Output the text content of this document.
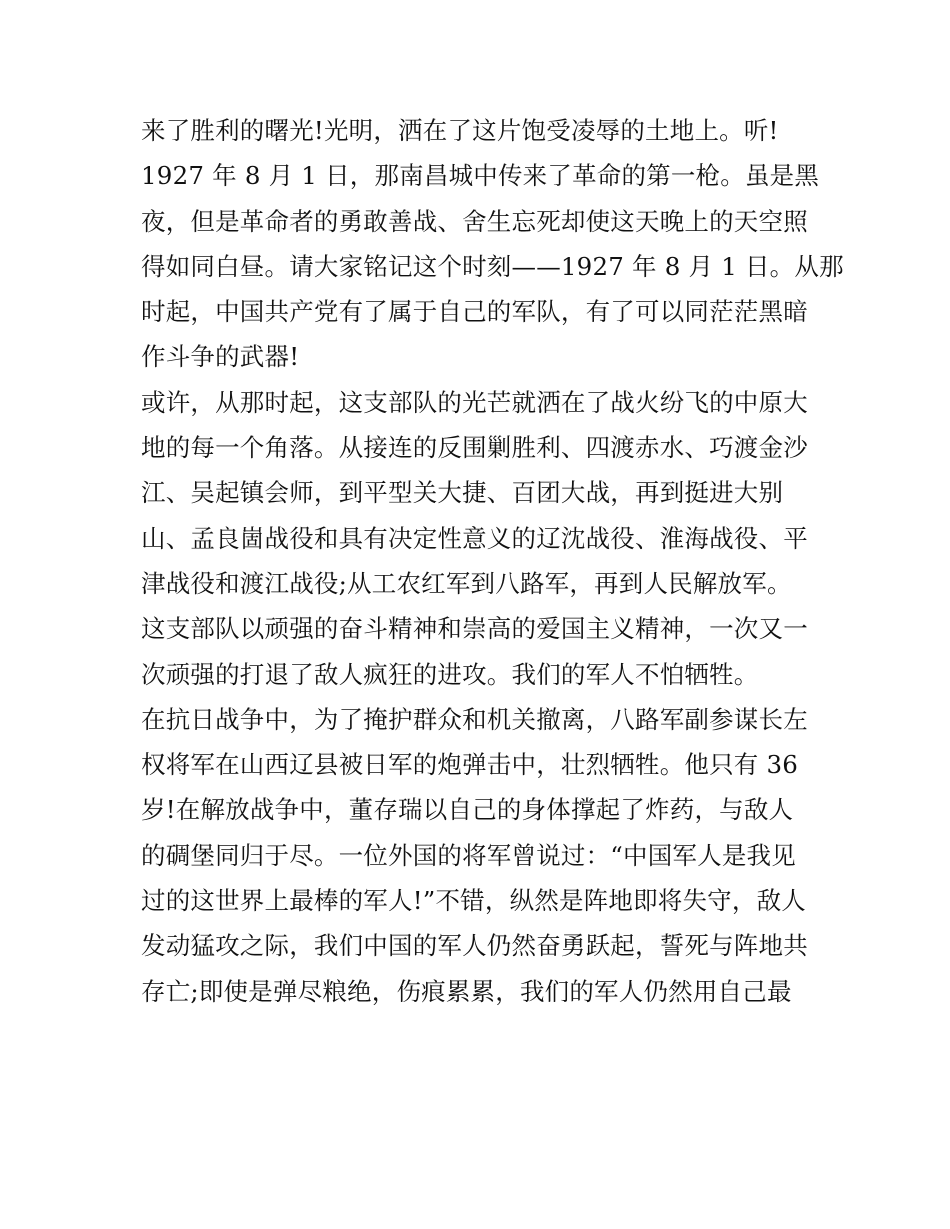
来了胜利的曙光!光明，洒在了这片饱受凌辱的土地上。听!
1927 年 8 月 1 日，那南昌城中传来了革命的第一枪。虽是黑
夜，但是革命者的勇敢善战、舍生忘死却使这天晚上的天空照
得如同白昼。请大家铭记这个时刻——1927 年 8 月 1 日。从那
时起，中国共产党有了属于自己的军队，有了可以同茫茫黑暗
作斗争的武器!
或许，从那时起，这支部队的光芒就洒在了战火纷飞的中原大
地的每一个角落。从接连的反围剿胜利、四渡赤水、巧渡金沙
江、吴起镇会师，到平型关大捷、百团大战，再到挺进大别
山、孟良崮战役和具有决定性意义的辽沈战役、淮海战役、平
津战役和渡江战役;从工农红军到八路军，再到人民解放军。
这支部队以顽强的奋斗精神和崇高的爱国主义精神，一次又一
次顽强的打退了敌人疯狂的进攻。我们的军人不怕牺牲。
在抗日战争中，为了掩护群众和机关撤离，八路军副参谋长左
权将军在山西辽县被日军的炮弹击中，壮烈牺牲。他只有 36
岁!在解放战争中，董存瑞以自己的身体撑起了炸药，与敌人
的碉堡同归于尽。一位外国的将军曾说过：“中国军人是我见
过的这世界上最棒的军人!”不错，纵然是阵地即将失守，敌人
发动猛攻之际，我们中国的军人仍然奋勇跃起，誓死与阵地共
存亡;即使是弹尽粮绝，伤痕累累，我们的军人仍然用自己最
